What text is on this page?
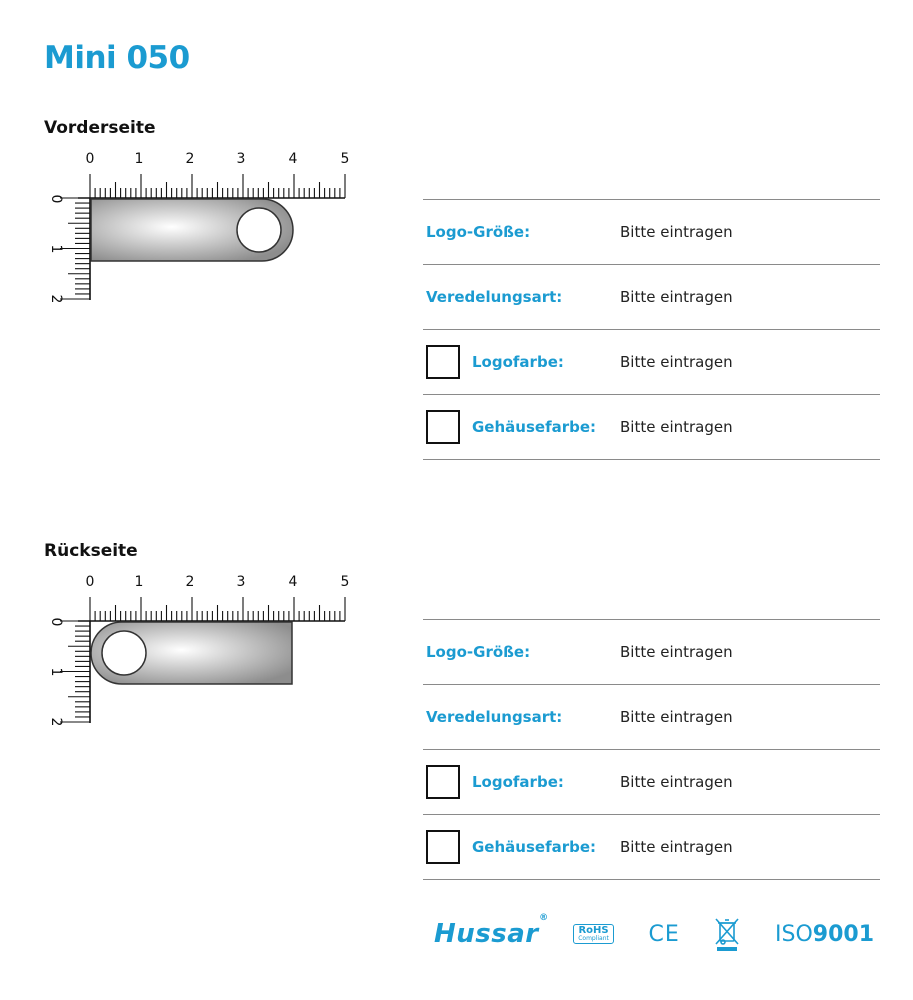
Mini 050
Vorderseite
0	1	2	3	4	5
0
1
2
Logo-Größe:	Bitte eintragen
Veredelungsart:	Bitte eintragen
Logofarbe:	Bitte eintragen
Gehäusefarbe: Bitte eintragen
Rückseite
0	1	2	3	4	5
0
1
2
Logo-Größe:	Bitte eintragen
Veredelungsart:	Bitte eintragen
Logofarbe:	Bitte eintragen
Gehäusefarbe: Bitte eintragen
Hussar
®
RoHS
Compliant CE	ISO9001
